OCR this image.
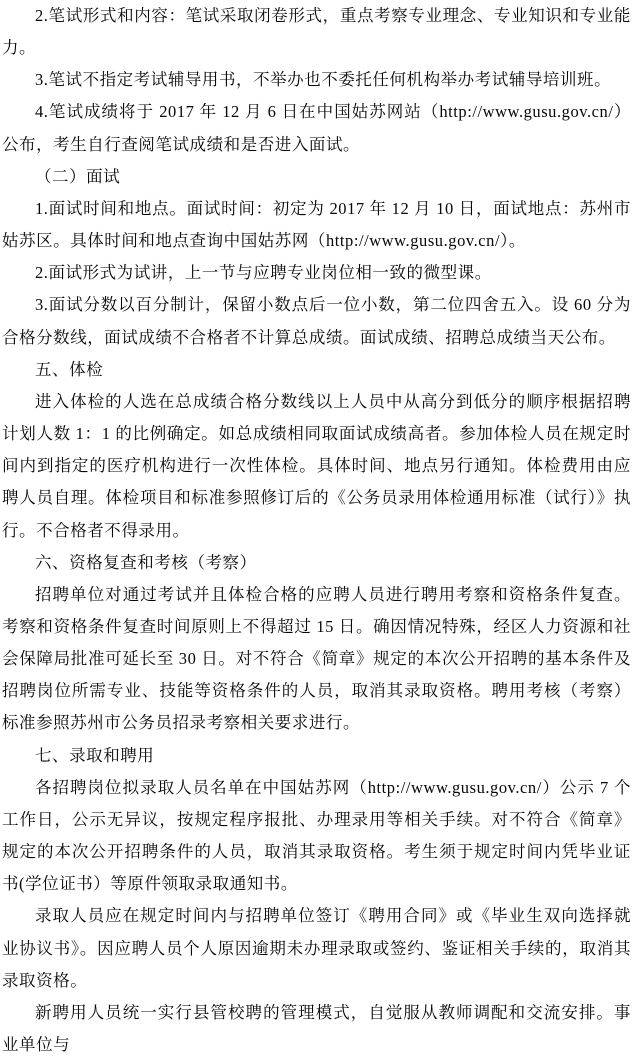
2.笔试形式和内容：笔试采取闭卷形式，重点考察专业理念、专业知识和专业能力。

3.笔试不指定考试辅导用书，不举办也不委托任何机构举办考试辅导培训班。

4.笔试成绩将于 2017 年 12 月 6 日在中国姑苏网站（http://www.gusu.gov.cn/）公布，考生自行查阅笔试成绩和是否进入面试。

（二）面试

1.面试时间和地点。面试时间：初定为 2017 年 12 月 10 日，面试地点：苏州市姑苏区。具体时间和地点查询中国姑苏网（http://www.gusu.gov.cn/）。

2.面试形式为试讲，上一节与应聘专业岗位相一致的微型课。

3.面试分数以百分制计，保留小数点后一位小数，第二位四舍五入。设 60 分为合格分数线，面试成绩不合格者不计算总成绩。面试成绩、招聘总成绩当天公布。

五、体检

进入体检的人选在总成绩合格分数线以上人员中从高分到低分的顺序根据招聘计划人数 1：1 的比例确定。如总成绩相同取面试成绩高者。参加体检人员在规定时间内到指定的医疗机构进行一次性体检。具体时间、地点另行通知。体检费用由应聘人员自理。体检项目和标准参照修订后的《公务员录用体检通用标准（试行）》执行。不合格者不得录用。

六、资格复查和考核（考察）

招聘单位对通过考试并且体检合格的应聘人员进行聘用考察和资格条件复查。考察和资格条件复查时间原则上不得超过 15 日。确因情况特殊，经区人力资源和社会保障局批准可延长至 30 日。对不符合《简章》规定的本次公开招聘的基本条件及招聘岗位所需专业、技能等资格条件的人员，取消其录取资格。聘用考核（考察）标准参照苏州市公务员招录考察相关要求进行。

七、录取和聘用

各招聘岗位拟录取人员名单在中国姑苏网（http://www.gusu.gov.cn/）公示 7 个工作日，公示无异议，按规定程序报批、办理录用等相关手续。对不符合《简章》规定的本次公开招聘条件的人员，取消其录取资格。考生须于规定时间内凭毕业证书(学位证书）等原件领取录取通知书。

录取人员应在规定时间内与招聘单位签订《聘用合同》或《毕业生双向选择就业协议书》。因应聘人员个人原因逾期未办理录取或签约、鉴证相关手续的，取消其录取资格。

新聘用人员统一实行县管校聘的管理模式，自觉服从教师调配和交流安排。事业单位与
